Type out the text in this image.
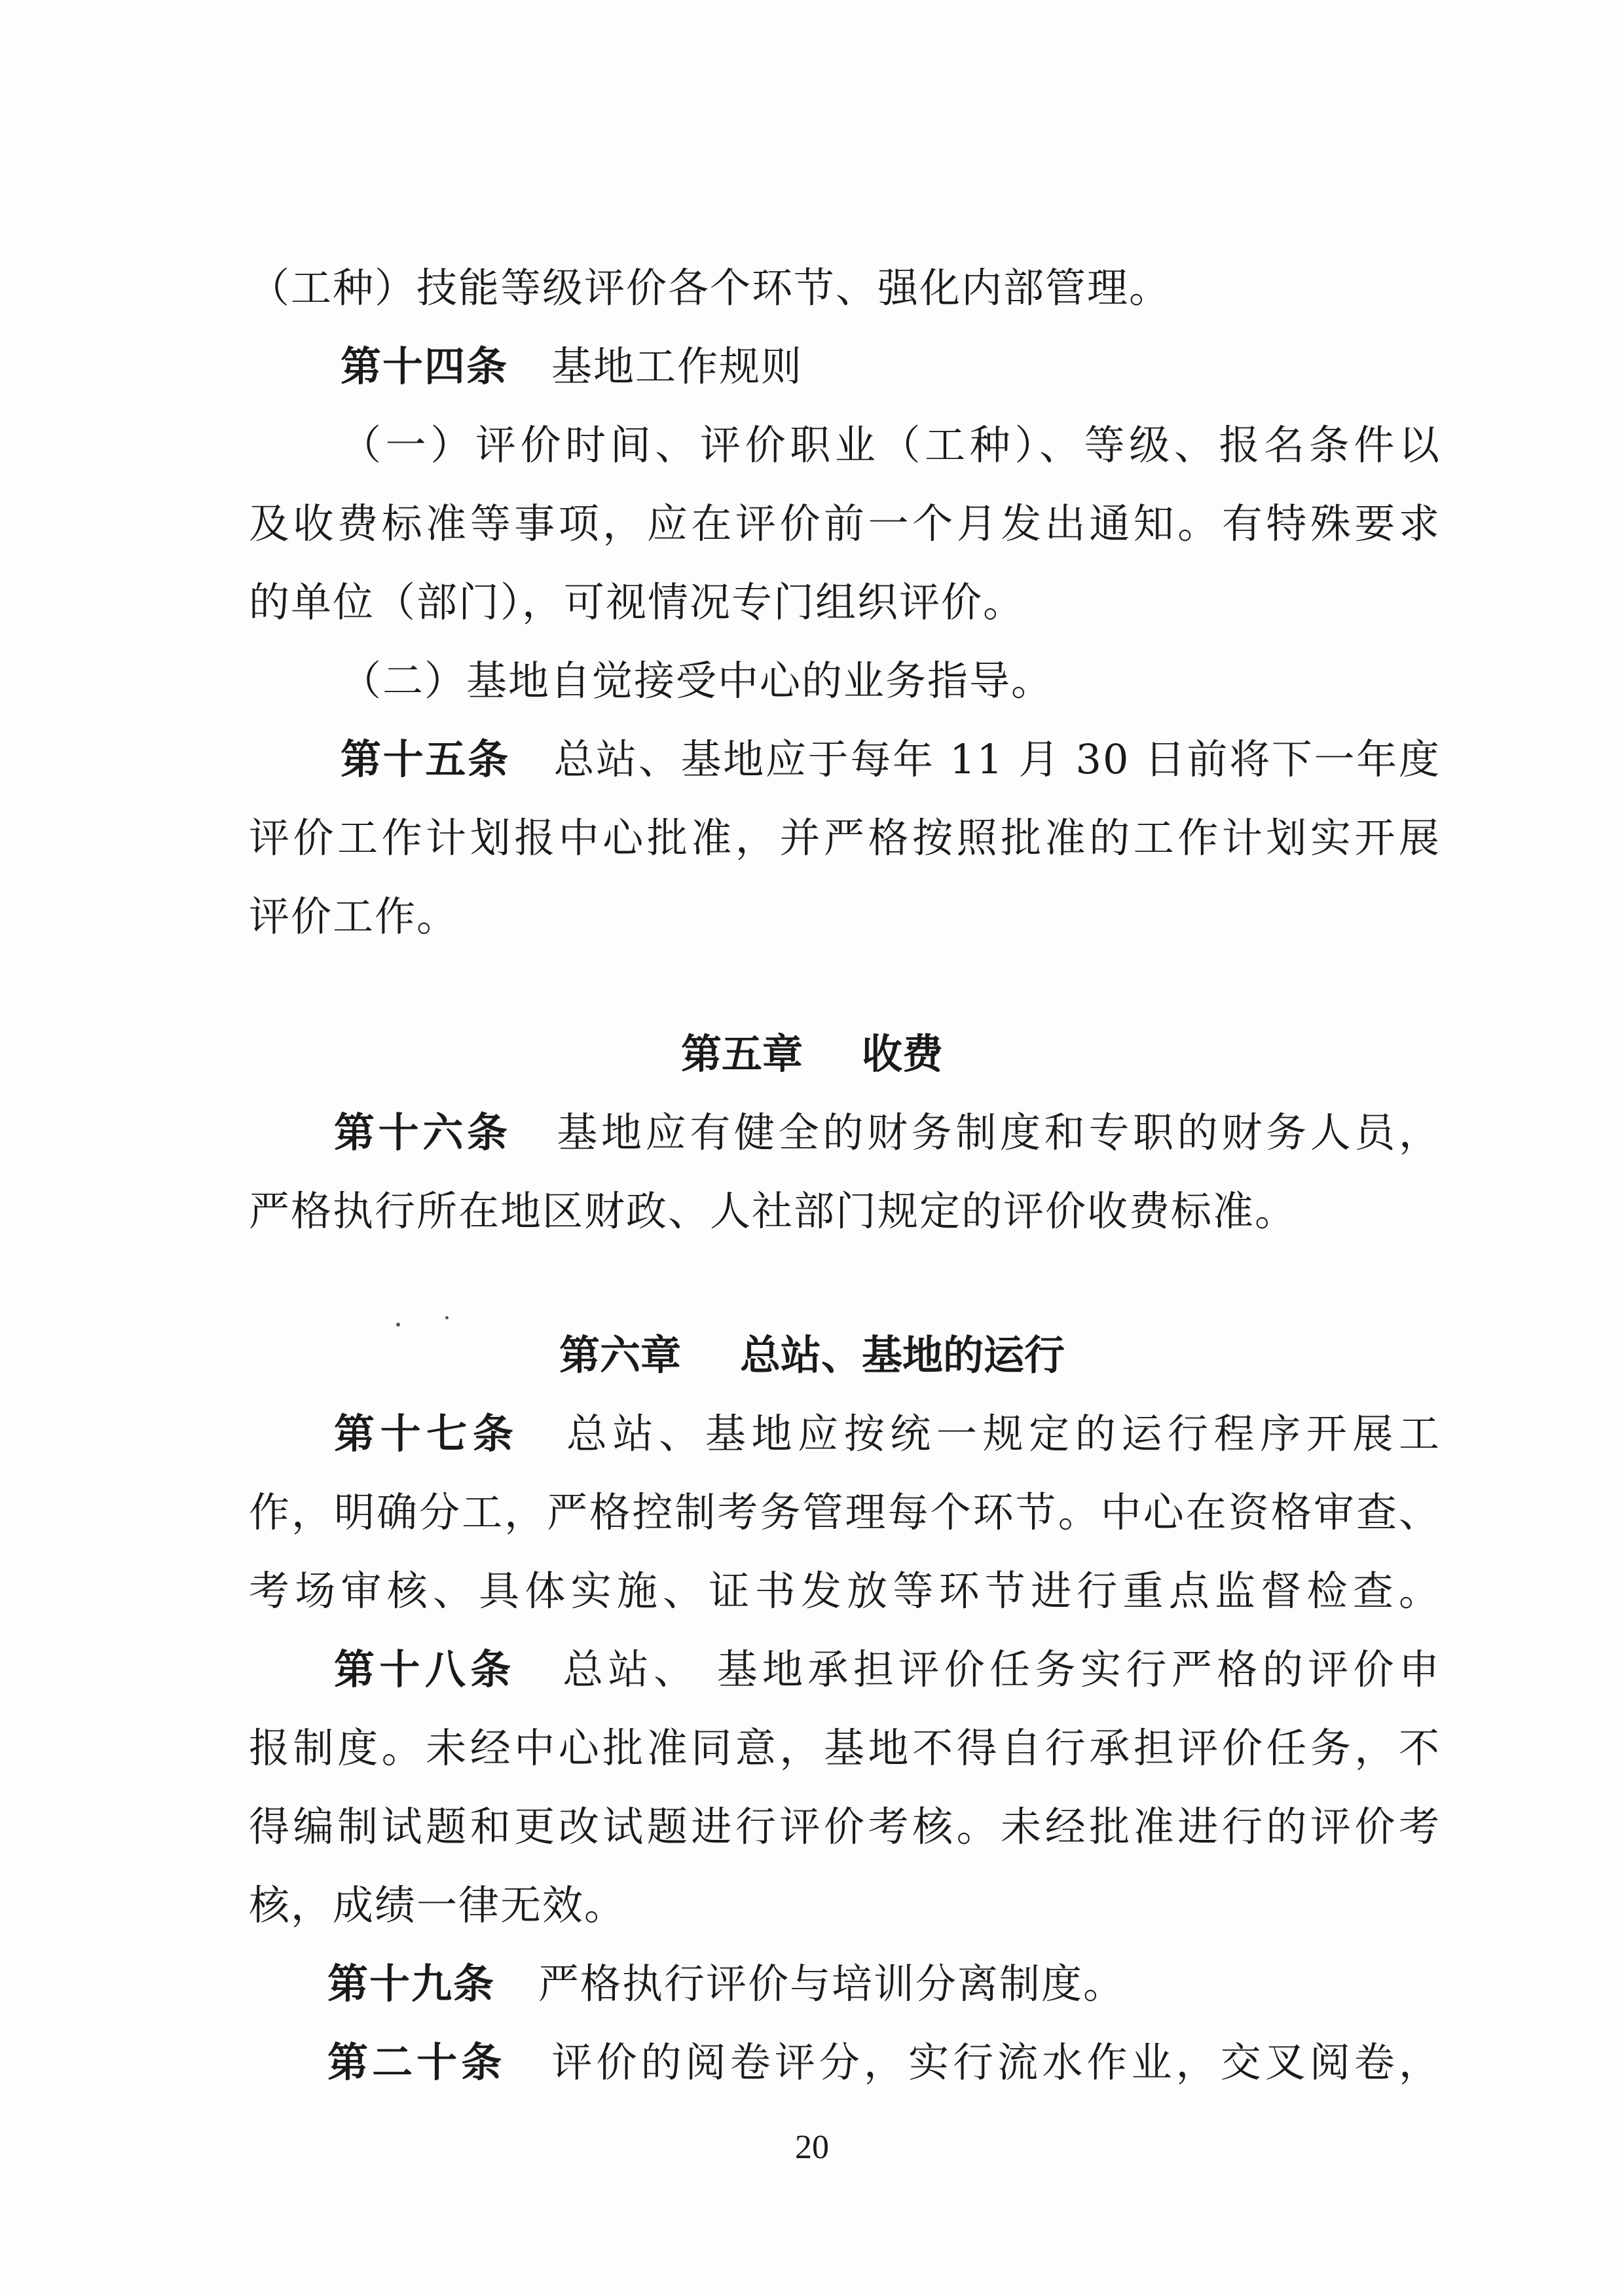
（工种）技能等级评价各个环节、强化内部管理。
第十四条 基地工作规则
（一）评价时间、评价职业（工种）、等级、报名条件以
及收费标准等事项，应在评价前一个月发出通知。有特殊要求
的单位（部门），可视情况专门组织评价。
（二）基地自觉接受中心的业务指导。
第十五条 总站、基地应于每年 11 月 30 日前将下一年度
评价工作计划报中心批准，并严格按照批准的工作计划实开展
评价工作。
第五章 收费
第十六条 基地应有健全的财务制度和专职的财务人员，
严格执行所在地区财政、人社部门规定的评价收费标准。
第六章 总站、基地的运行
第十七条 总站、基地应按统一规定的运行程序开展工
作，明确分工，严格控制考务管理每个环节。中心在资格审查、
考场审核、具体实施、证书发放等环节进行重点监督检查。
第十八条 总站、 基地承担评价任务实行严格的评价申
报制度。未经中心批准同意，基地不得自行承担评价任务，不
得编制试题和更改试题进行评价考核。未经批准进行的评价考
核，成绩一律无效。
第十九条 严格执行评价与培训分离制度。
第二十条 评价的阅卷评分，实行流水作业，交叉阅卷，
20
